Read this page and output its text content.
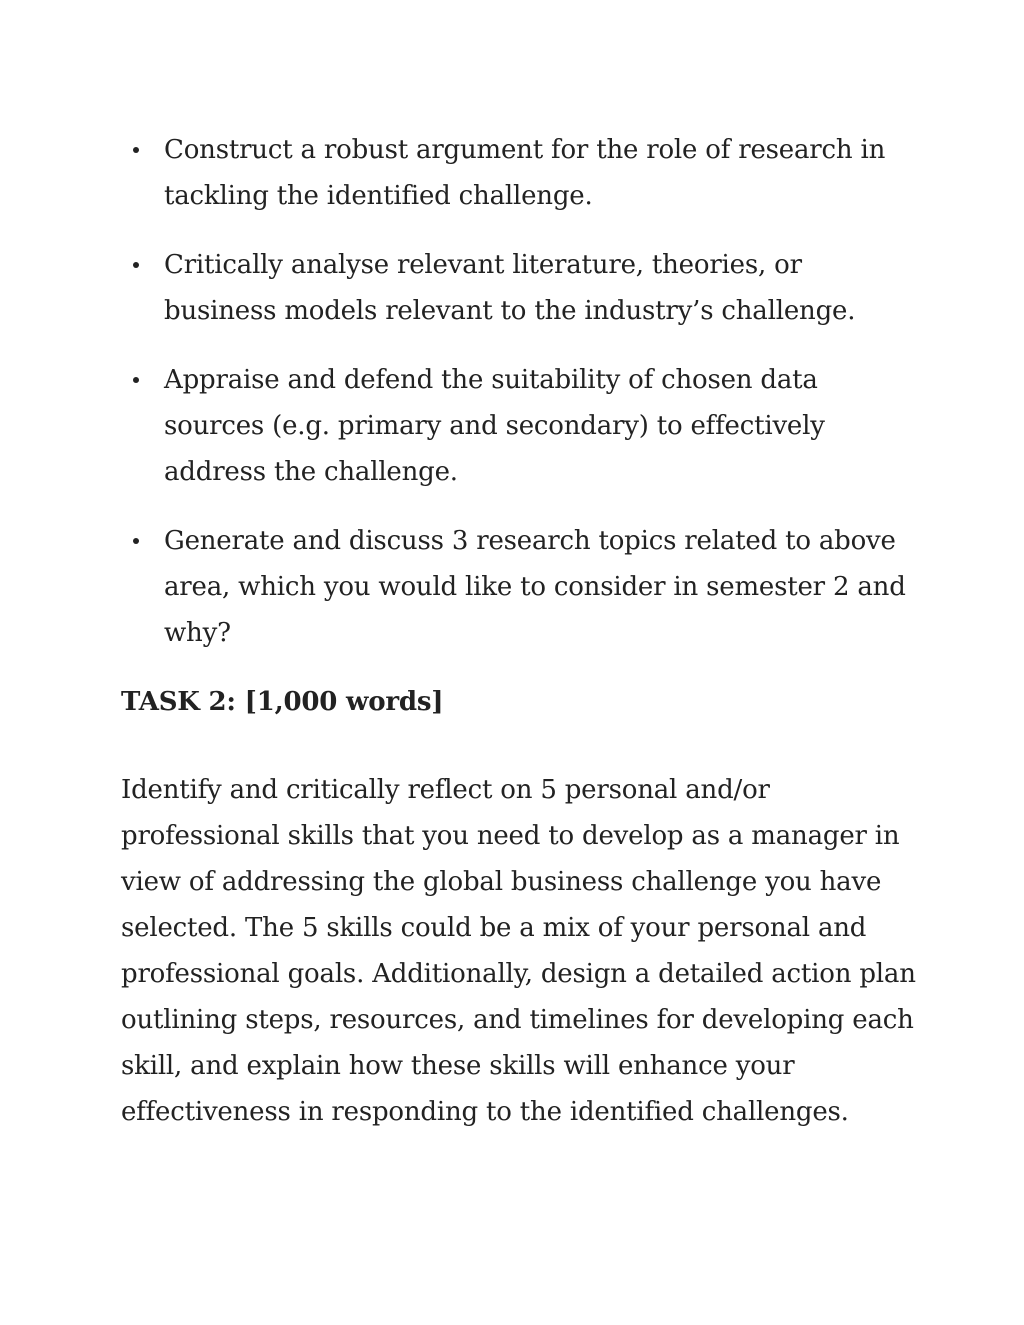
Construct a robust argument for the role of research in tackling the identified challenge.
Critically analyse relevant literature, theories, or business models relevant to the industry’s challenge.
Appraise and defend the suitability of chosen data sources (e.g. primary and secondary) to effectively address the challenge.
Generate and discuss 3 research topics related to above area, which you would like to consider in semester 2 and why?
TASK 2: [1,000 words]

Identify and critically reflect on 5 personal and/or professional skills that you need to develop as a manager in view of addressing the global business challenge you have selected. The 5 skills could be a mix of your personal and professional goals. Additionally, design a detailed action plan outlining steps, resources, and timelines for developing each skill, and explain how these skills will enhance your effectiveness in responding to the identified challenges.
